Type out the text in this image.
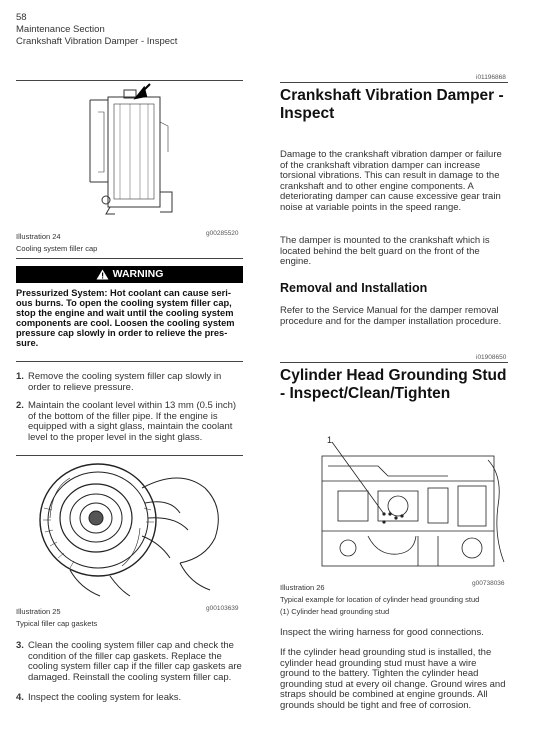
58
Maintenance Section
Crankshaft Vibration Damper - Inspect
Illustration 24	g00285520
Cooling system filler cap
WARNING
Pressurized System: Hot coolant can cause seri- ous burns. To open the cooling system filler cap, stop the engine and wait until the cooling system components are cool. Loosen the cooling system pressure cap slowly in order to relieve the pres- sure.
1. Remove the cooling system filler cap slowly in order to relieve pressure.
2. Maintain the coolant level within 13 mm (0.5 inch) of the bottom of the filler pipe. If the engine is equipped with a sight glass, maintain the coolant level to the proper level in the sight glass.
Illustration 25	g00103639
Typical filler cap gaskets
3. Clean the cooling system filler cap and check the condition of the filler cap gaskets. Replace the cooling system filler cap if the filler cap gaskets are damaged. Reinstall the cooling system filler cap.
4. Inspect the cooling system for leaks.
i01196868
Crankshaft Vibration Damper - Inspect
Damage to the crankshaft vibration damper or failure of the crankshaft vibration damper can increase torsional vibrations. This can result in damage to the crankshaft and to other engine components. A deteriorating damper can cause excessive gear train noise at variable points in the speed range.
The damper is mounted to the crankshaft which is located behind the belt guard on the front of the engine.
Removal and Installation
Refer to the Service Manual for the damper removal procedure and for the damper installation procedure.
i01908650
Cylinder Head Grounding Stud - Inspect/Clean/Tighten
1
Illustration 26	g00738036
Typical example for location of cylinder head grounding stud
(1) Cylinder head grounding stud
Inspect the wiring harness for good connections.
If the cylinder head grounding stud is installed, the cylinder head grounding stud must have a wire ground to the battery. Tighten the cylinder head grounding stud at every oil change. Ground wires and straps should be combined at engine grounds. All grounds should be tight and free of corrosion.
